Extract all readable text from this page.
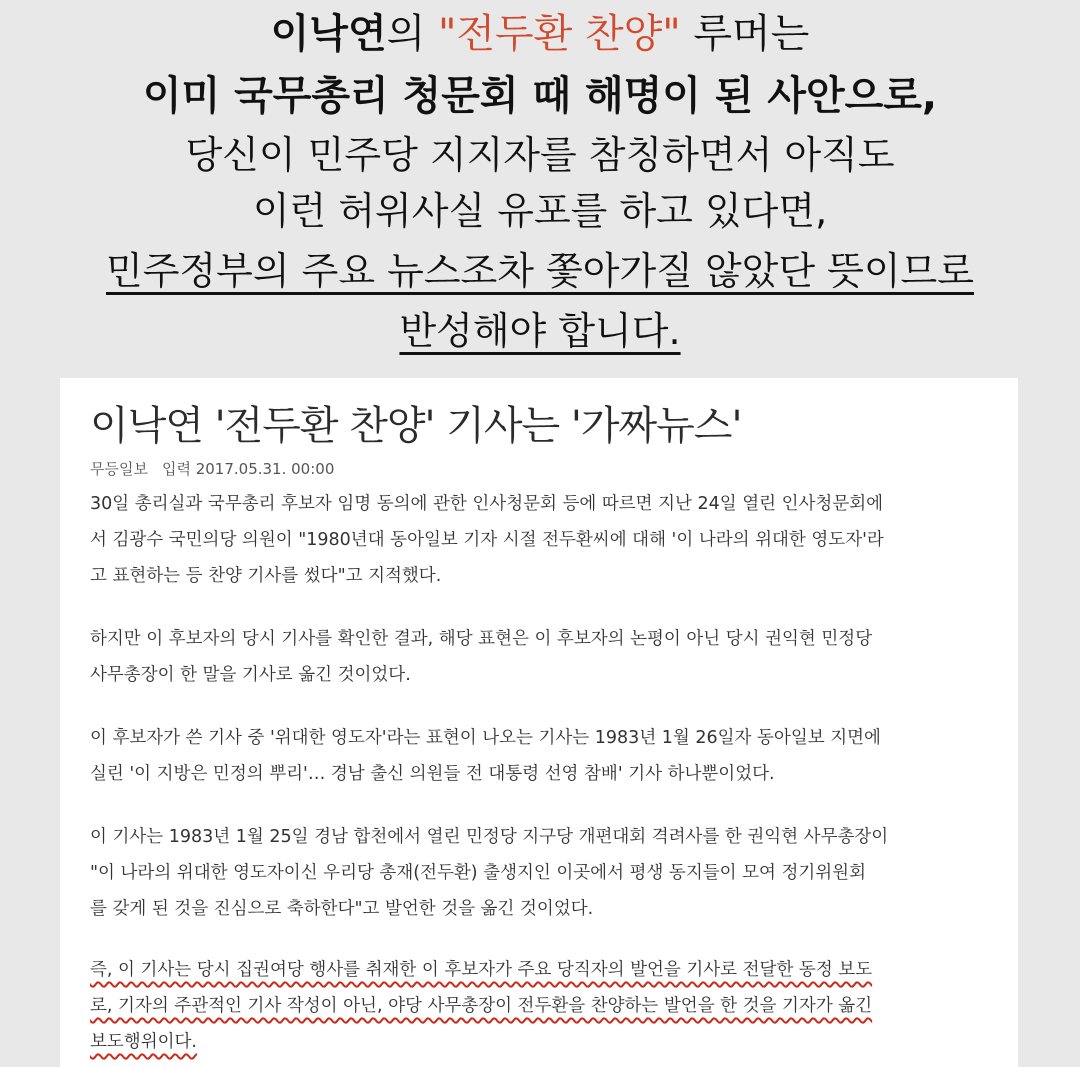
이낙연의 "전두환 찬양" 루머는
이미 국무총리 청문회 때 해명이 된 사안으로,
당신이 민주당 지지자를 참칭하면서 아직도
이런 허위사실 유포를 하고 있다면,
민주정부의 주요 뉴스조차 쫓아가질 않았단 뜻이므로
반성해야 합니다.
이낙연 '전두환 찬양' 기사는 '가짜뉴스'
무등일보 입력 2017.05.31. 00:00
30일 총리실과 국무총리 후보자 임명 동의에 관한 인사청문회 등에 따르면 지난 24일 열린 인사청문회에
서 김광수 국민의당 의원이 "1980년대 동아일보 기자 시절 전두환씨에 대해 '이 나라의 위대한 영도자'라
고 표현하는 등 찬양 기사를 썼다"고 지적했다.
하지만 이 후보자의 당시 기사를 확인한 결과, 해당 표현은 이 후보자의 논평이 아닌 당시 권익현 민정당
사무총장이 한 말을 기사로 옮긴 것이었다.
이 후보자가 쓴 기사 중 '위대한 영도자'라는 표현이 나오는 기사는 1983년 1월 26일자 동아일보 지면에
실린 '이 지방은 민정의 뿌리'… 경남 출신 의원들 전 대통령 선영 참배' 기사 하나뿐이었다.
이 기사는 1983년 1월 25일 경남 합천에서 열린 민정당 지구당 개편대회 격려사를 한 권익현 사무총장이
"이 나라의 위대한 영도자이신 우리당 총재(전두환) 출생지인 이곳에서 평생 동지들이 모여 정기위원회
를 갖게 된 것을 진심으로 축하한다"고 발언한 것을 옮긴 것이었다.
즉, 이 기사는 당시 집권여당 행사를 취재한 이 후보자가 주요 당직자의 발언을 기사로 전달한 동정 보도
로, 기자의 주관적인 기사 작성이 아닌, 야당 사무총장이 전두환을 찬양하는 발언을 한 것을 기자가 옮긴
보도행위이다.
